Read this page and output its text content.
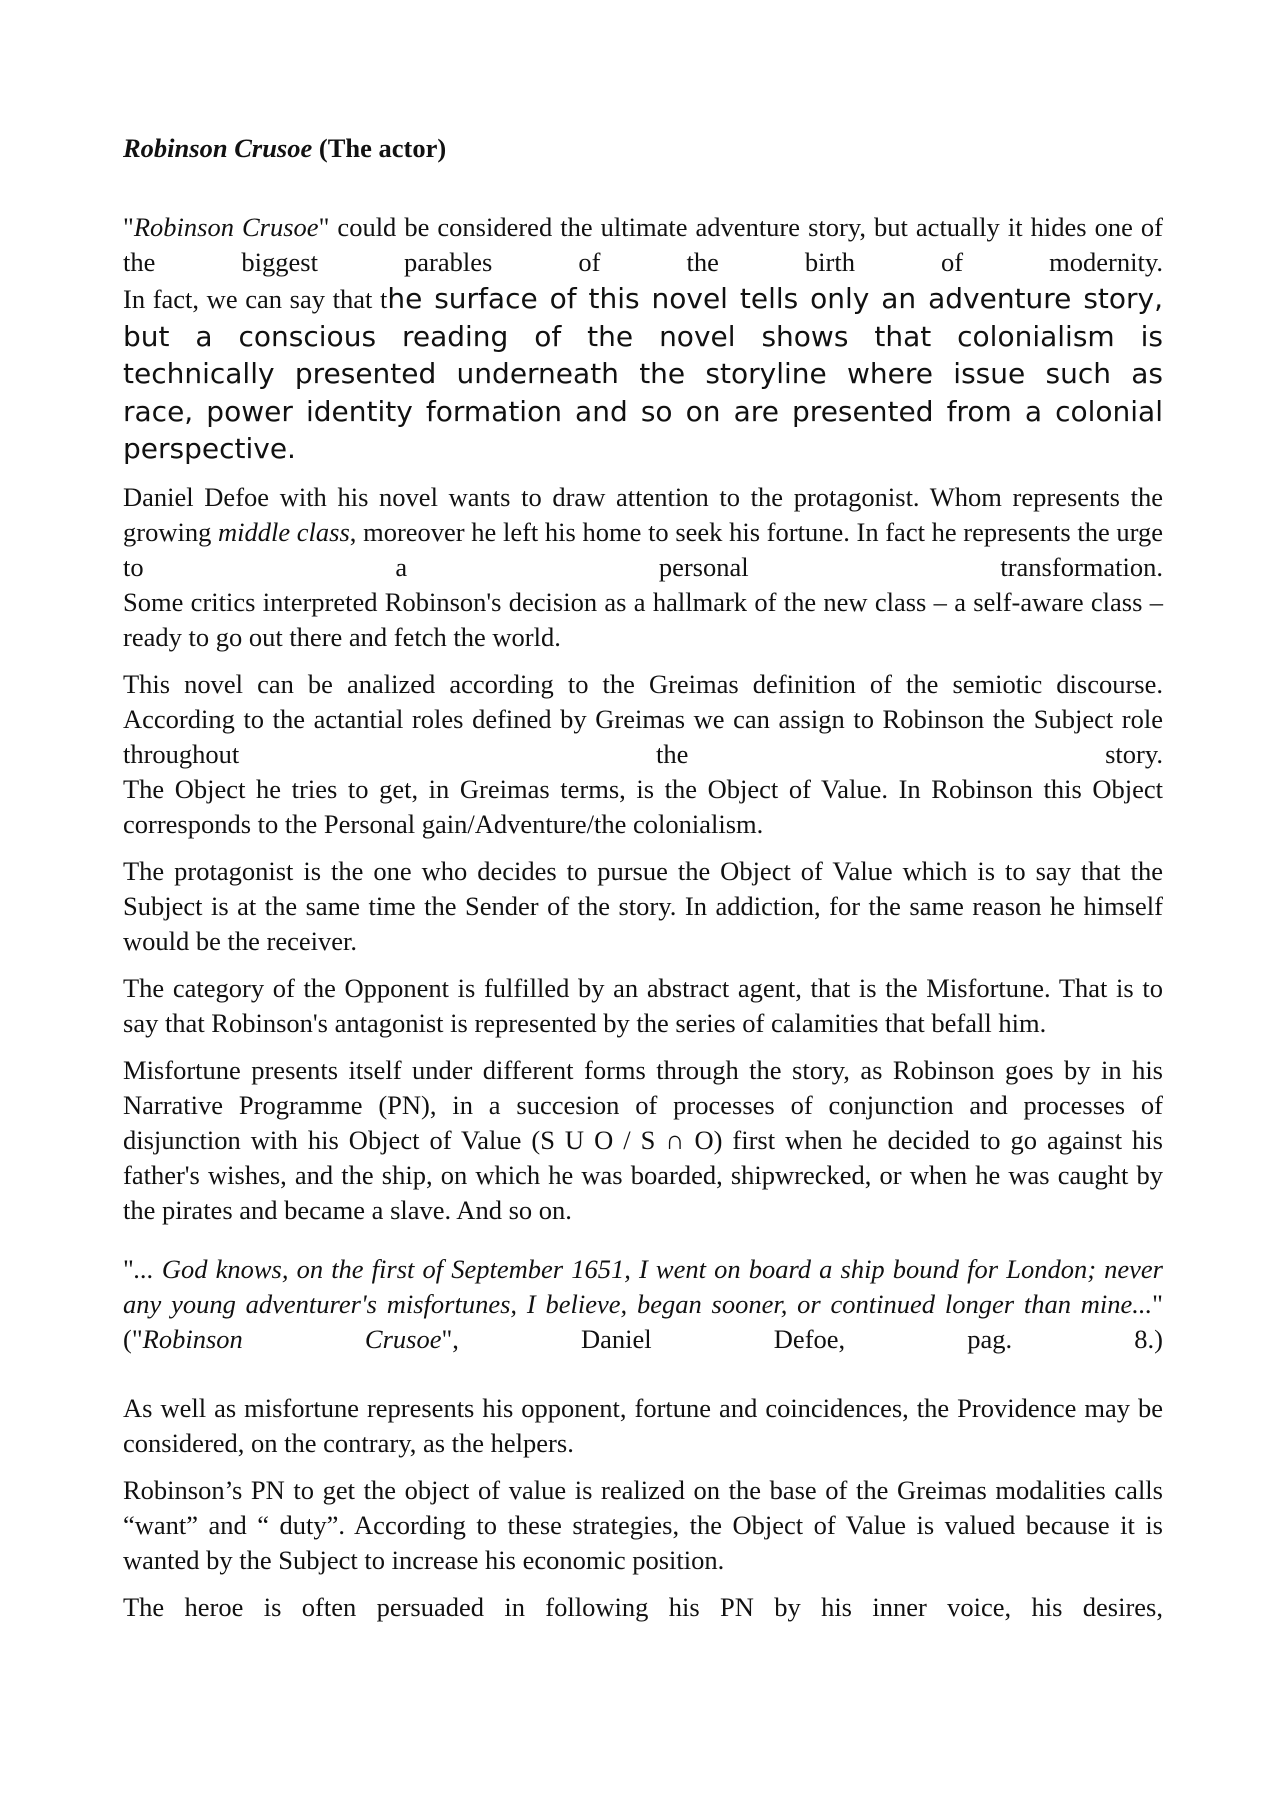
Robinson Crusoe (The actor)

"Robinson Crusoe" could be considered the ultimate adventure story, but actually it hides one of the biggest parables of the birth of modernity.
In fact, we can say that the surface of this novel tells only an adventure story, but a conscious reading of the novel shows that colonialism is technically presented underneath the storyline where issue such as race, power identity formation and so on are presented from a colonial perspective.

Daniel Defoe with his novel wants to draw attention to the protagonist. Whom represents the growing middle class, moreover he left his home to seek his fortune. In fact he represents the urge to a personal transformation.
Some critics interpreted Robinson's decision as a hallmark of the new class – a self-aware class – ready to go out there and fetch the world.

This novel can be analized according to the Greimas definition of the semiotic discourse. According to the actantial roles defined by Greimas we can assign to Robinson the Subject role throughout the story.
The Object he tries to get, in Greimas terms, is the Object of Value. In Robinson this Object corresponds to the Personal gain/Adventure/the colonialism.

The protagonist is the one who decides to pursue the Object of Value which is to say that the Subject is at the same time the Sender of the story. In addiction, for the same reason he himself would be the receiver.

The category of the Opponent is fulfilled by an abstract agent, that is the Misfortune. That is to say that Robinson's antagonist is represented by the series of calamities that befall him.

Misfortune presents itself under different forms through the story, as Robinson goes by in his Narrative Programme (PN), in a succesion of processes of conjunction and processes of disjunction with his Object of Value (S U O / S ∩ O) first when he decided to go against his father's wishes, and the ship, on which he was boarded, shipwrecked, or when he was caught by the pirates and became a slave. And so on.

"... God knows, on the first of September 1651, I went on board a ship bound for London; never any young adventurer's misfortunes, I believe, began sooner, or continued longer than mine..." ("Robinson Crusoe", Daniel Defoe, pag. 8.)

As well as misfortune represents his opponent, fortune and coincidences, the Providence may be considered, on the contrary, as the helpers.

Robinson’s PN to get the object of value is realized on the base of the Greimas modalities calls “want” and “ duty”. According to these strategies, the Object of Value is valued because it is wanted by the Subject to increase his economic position.

The heroe is often persuaded in following his PN by his inner voice, his desires,
